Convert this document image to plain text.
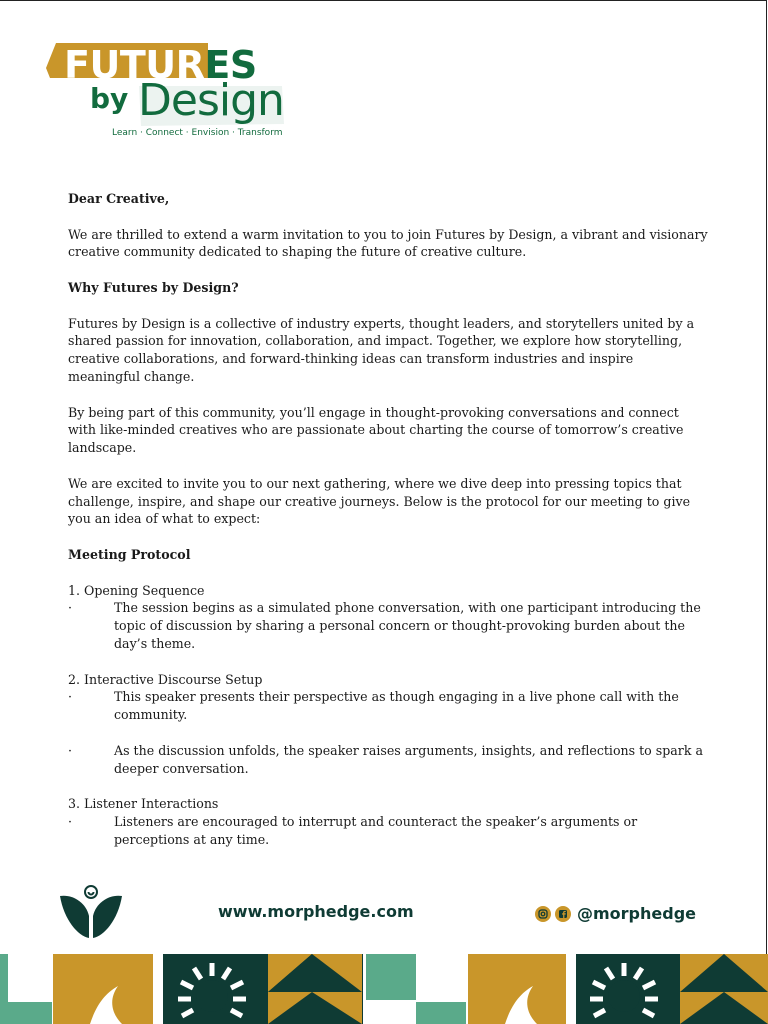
FUTURES
by Design
Learn · Connect · Envision · Transform

Dear Creative,

We are thrilled to extend a warm invitation to you to join Futures by Design, a vibrant and visionary creative community dedicated to shaping the future of creative culture.

Why Futures by Design?

Futures by Design is a collective of industry experts, thought leaders, and storytellers united by a shared passion for innovation, collaboration, and impact. Together, we explore how storytelling, creative collaborations, and forward-thinking ideas can transform industries and inspire meaningful change.

By being part of this community, you’ll engage in thought-provoking conversations and connect with like-minded creatives who are passionate about charting the course of tomorrow’s creative landscape.

We are excited to invite you to our next gathering, where we dive deep into pressing topics that challenge, inspire, and shape our creative journeys. Below is the protocol for our meeting to give you an idea of what to expect:

Meeting Protocol

1. Opening Sequence
·	The session begins as a simulated phone conversation, with one participant introducing the topic of discussion by sharing a personal concern or thought-provoking burden about the day’s theme.
2. Interactive Discourse Setup
·	This speaker presents their perspective as though engaging in a live phone call with the community.
·	As the discussion unfolds, the speaker raises arguments, insights, and reflections to spark a deeper conversation.
3. Listener Interactions
·	Listeners are encouraged to interrupt and counteract the speaker’s arguments or perceptions at any time.
www.morphedge.com	@morphedge
